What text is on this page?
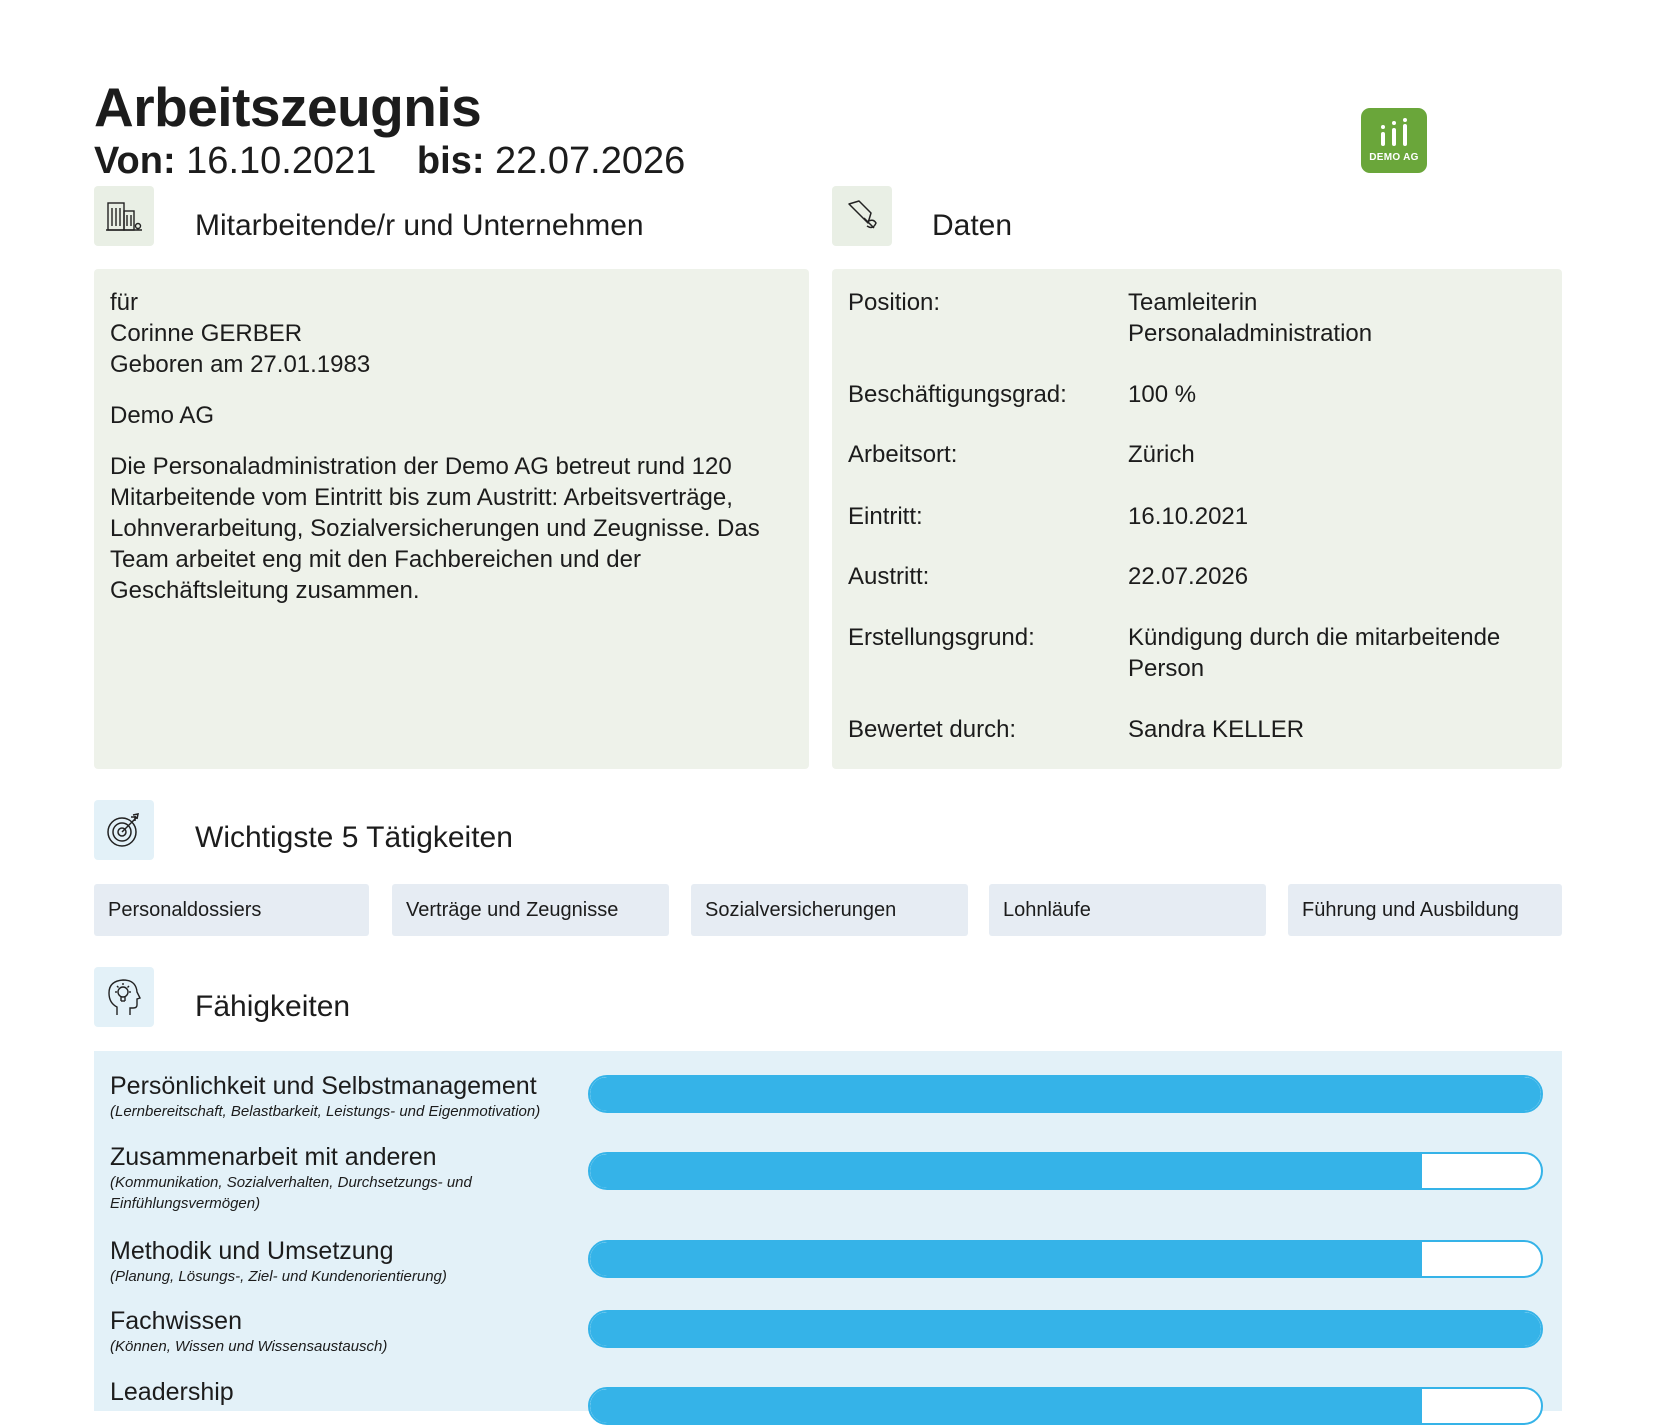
Arbeitszeugnis
Von: 16.10.2021 bis: 22.07.2026	DEMO AG
Mitarbeitende/r und Unternehmen	Daten

für

Corinne GERBER

Geboren am 27.01.1983

Demo AG

Die Personaladministration der Demo AG betreut rund 120 Mitarbeitende vom Eintritt bis zum Austritt: Arbeitsverträge, Lohnverarbeitung, Sozialversicherungen und Zeugnisse. Das Team arbeitet eng mit den Fachbereichen und der Geschäftsleitung zusammen.

Position:	Teamleiterin Personaladministration
Beschäftigungsgrad:	100 %
Arbeitsort:	Zürich
Eintritt:	16.10.2021
Austritt:	22.07.2026
Erstellungsgrund:	Kündigung durch die mitarbeitende Person
Bewertet durch:	Sandra KELLER
Wichtigste 5 Tätigkeiten
Personaldossiers	Verträge und Zeugnisse	Sozialversicherungen	Lohnläufe	Führung und Ausbildung
Fähigkeiten

Persönlichkeit und Selbstmanagement

(Lernbereitschaft, Belastbarkeit, Leistungs- und Eigenmotivation)

Zusammenarbeit mit anderen

(Kommunikation, Sozialverhalten, Durchsetzungs- und Einfühlungsvermögen)

Methodik und Umsetzung

(Planung, Lösungs-, Ziel- und Kundenorientierung)

Fachwissen

(Können, Wissen und Wissensaustausch)

Leadership
